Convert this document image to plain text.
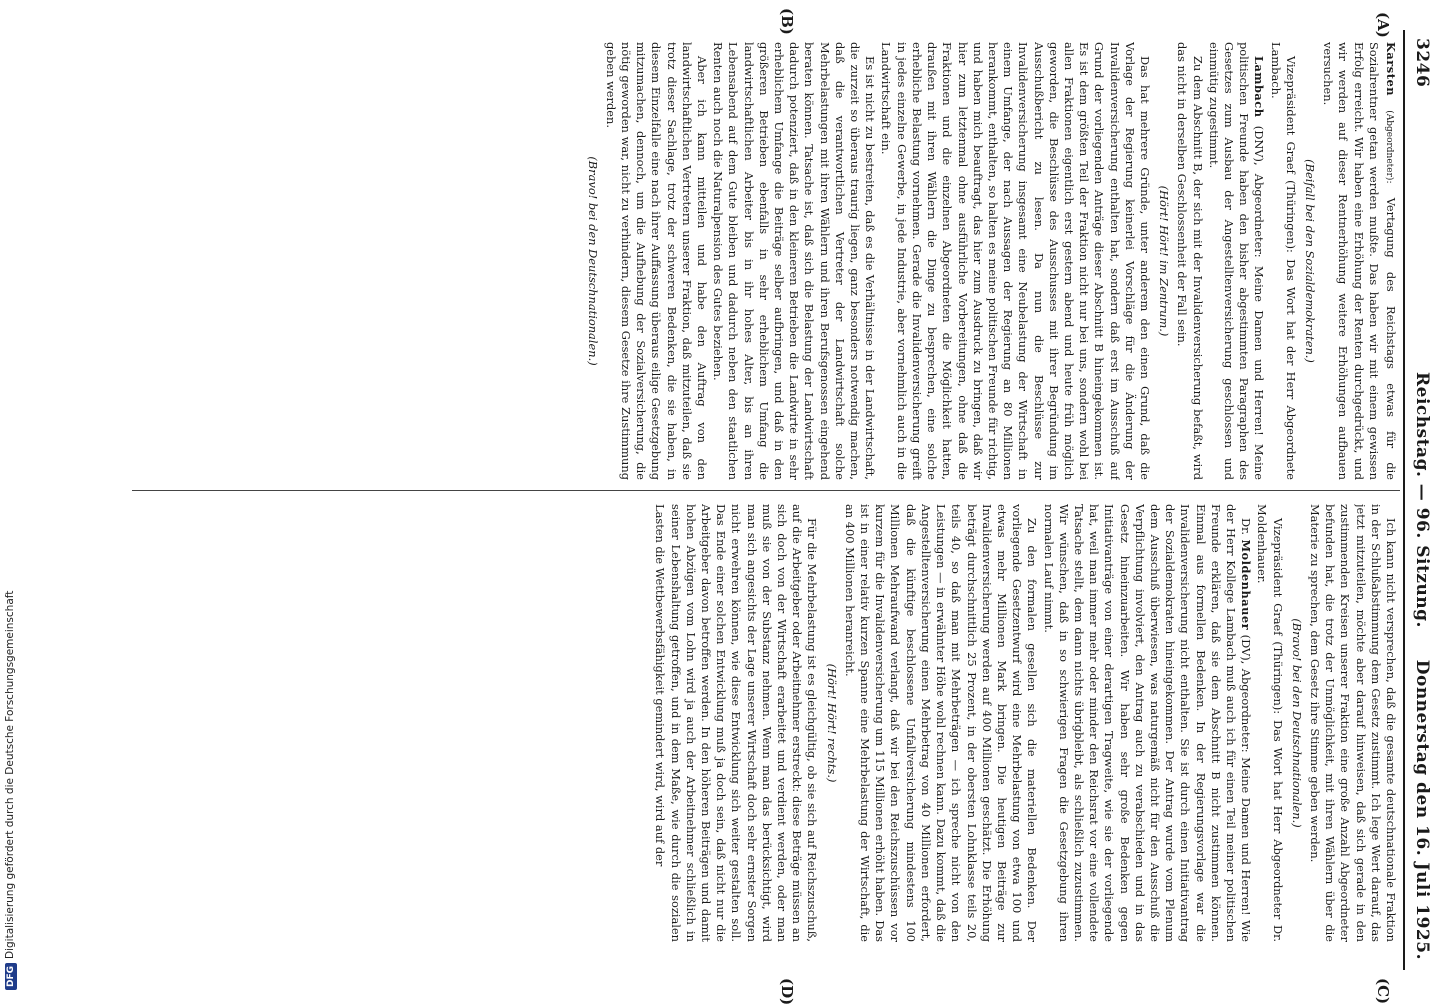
3246
Reichstag. — 96. Sitzung.
Donnerstag den 16. Juli 1925.
(A)
(B)
(C)
(D)

Karsten (Abgeordneter): Vertagung des Reichstags etwas für die Sozialrentner getan werden mußte. Das haben wir mit einem gewissen Erfolg erreicht. Wir haben eine Erhöhung der Renten durchgedrückt, und wir werden auf dieser Rentnerhöhung weitere Erhöhungen aufbauen versuchen.

(Beifall bei den Sozialdemokraten.)

Vizepräsident Graef (Thüringen): Das Wort hat der Herr Abgeordnete Lambach.

Lambach (DNV), Abgeordneter: Meine Damen und Herren! Meine politischen Freunde haben den bisher abgestimmten Paragraphen des Gesetzes zum Ausbau der Angestelltenversicherung geschlossen und einmütig zugestimmt.

Zu dem Abschnitt B, der sich mit der Invalidenversicherung befaßt, wird das nicht in derselben Geschlossenheit der Fall sein.

(Hört! Hört! im Zentrum.)

Das hat mehrere Gründe, unter anderem den einen Grund, daß die Vorlage der Regierung keinerlei Vorschläge für die Änderung der Invalidenversicherung enthalten hat, sondern daß erst im Ausschuß auf Grund der vorliegenden Anträge dieser Abschnitt B hineingekommen ist. Es ist dem größten Teil der Fraktion nicht nur bei uns, sondern wohl bei allen Fraktionen eigentlich erst gestern abend und heute früh möglich geworden, die Beschlüsse des Ausschusses mit ihrer Begründung im Ausschußbericht zu lesen. Da nun die Beschlüsse zur Invalidenversicherung insgesamt eine Neubelastung der Wirtschaft in einem Umfange, der nach Aussagen der Regierung an 80 Millionen herankommt, enthalten, so halten es meine politischen Freunde für richtig, und haben mich beauftragt, das hier zum Ausdruck zu bringen, daß wir hier zum letztenmal ohne ausführliche Vorbereitungen, ohne daß die Fraktionen und die einzelnen Abgeordneten die Möglichkeit hatten, draußen mit ihren Wählern die Dinge zu besprechen, eine solche erhebliche Belastung vornehmen. Gerade die Invalidenversicherung greift in jedes einzelne Gewerbe, in jede Industrie, aber vornehmlich auch in die Landwirtschaft ein.

Es ist nicht zu bestreiten, daß es die Verhältnisse in der Landwirtschaft, die zurzeit so überaus traurig liegen, ganz besonders notwendig machen, daß die verantwortlichen Vertreter der Landwirtschaft solche Mehrbelastungen mit ihren Wählern und ihren Berufsgenossen eingehend beraten können. Tatsache ist, daß sich die Belastung der Landwirtschaft dadurch potenziert, daß in den kleineren Betrieben die Landwirte in sehr erheblichem Umfange die Beiträge selber aufbringen, und daß in den größeren Betrieben ebenfalls in sehr erheblichem Umfang die landwirtschaftlichen Arbeiter bis in ihr hohes Alter, bis an ihren Lebensabend auf dem Gute bleiben und dadurch neben den staatlichen Renten auch noch die Naturalpension des Gutes beziehen.

Aber ich kann mitteilen und habe den Auftrag von den landwirtschaftlichen Vertretern unserer Fraktion, daß mitzuteilen, daß sie trotz dieser Sachlage, trotz der schweren Bedenken, die sie haben, in diesem Einzelfalle eine nach ihrer Auffassung überaus eilige Gesetzgebung mitzumachen, dennoch, um die Aufhebung der Sozialversicherung, die nötig geworden war, nicht zu verhindern, diesem Gesetze ihre Zustimmung geben werden.

(Bravo! bei den Deutschnationalen.)

Ich kann nicht versprechen, daß die gesamte deutschnationale Fraktion in der Schlußabstimmung dem Gesetz zustimmt. Ich lege Wert darauf, das jetzt mitzuteilen, möchte aber darauf hinweisen, daß sich gerade in den zustimmenden Kreisen unserer Fraktion eine große Anzahl Abgeordneter befunden hat, die trotz der Unmöglichkeit, mit ihren Wählern über die Materie zu sprechen, dem Gesetz ihre Stimme geben werden.

(Bravo! bei den Deutschnationalen.)

Vizepräsident Graef (Thüringen): Das Wort hat Herr Abgeordneter Dr. Moldenhauer.

Dr. Moldenhauer (DV), Abgeordneter: Meine Damen und Herren! Wie der Herr Kollege Lambach muß auch ich für einen Teil meiner politischen Freunde erklären, daß sie dem Abschnitt B nicht zustimmen können. Einmal aus formellen Bedenken. In der Regierungsvorlage war die Invalidenversicherung nicht enthalten. Sie ist durch einen Initiativantrag der Sozialdemokraten hineingekommen. Der Antrag wurde vom Plenum dem Ausschuß überwiesen, was naturgemäß nicht für den Ausschuß die Verpflichtung involviert, den Antrag auch zu verabschieden und in das Gesetz hineinzuarbeiten. Wir haben sehr große Bedenken gegen Initiativanträge von einer derartigen Tragweite, wie sie der vorliegende hat, weil man immer mehr oder minder den Reichsrat vor eine vollendete Tatsache stellt, dem dann nichts übrigbleibt, als schließlich zuzustimmen. Wir wünschen, daß in so schwierigen Fragen die Gesetzgebung ihren normalen Lauf nimmt.

Zu den formalen gesellen sich die materiellen Bedenken. Der vorliegende Gesetzentwurf wird eine Mehrbelastung von etwa 100 und etwas mehr Millionen Mark bringen. Die heutigen Beiträge zur Invalidenversicherung werden auf 400 Millionen geschätzt. Die Erhöhung beträgt durchschnittlich 25 Prozent, in der obersten Lohnklasse teils 20, teils 40, so daß man mit Mehrbeträgen — ich spreche nicht von den Leistungen — in erwähnter Höhe wohl rechnen kann. Dazu kommt, daß die Angestelltenversicherung einen Mehrbetrag von 40 Millionen erfordert, daß die künftige beschlossene Unfallversicherung mindestens 100 Millionen Mehraufwand verlangt, daß wir bei den Reichszuschüssen vor kurzem für die Invalidenversicherung um 115 Millionen erhöht haben. Das ist in einer relativ kurzen Spanne eine Mehrbelastung der Wirtschaft, die an 400 Millionen heranreicht.

(Hört! Hört! rechts.)

Für die Mehrbelastung ist es gleichgültig, ob sie sich auf Reichszuschuß, auf die Arbeitgeber oder Arbeitnehmer erstreckt: diese Beträge müssen an sich doch von der Wirtschaft erarbeitet und verdient werden, oder man muß sie von der Substanz nehmen. Wenn man das berücksichtigt, wird man sich angesichts der Lage unserer Wirtschaft doch sehr ernster Sorgen nicht erwehren können, wie diese Entwicklung sich weiter gestalten soll. Das Ende einer solchen Entwicklung muß ja doch sein, daß nicht nur die Arbeitgeber davon betroffen werden. In den höheren Beiträgen und damit hohen Abzügen vom Lohn wird ja auch der Arbeitnehmer schließlich in seiner Lebenshaltung getroffen, und in dem Maße, wie durch die sozialen Lasten die Wettbewerbsfähigkeit gemindert wird, wird auf der

DFGDigitalisierung gefördert durch die Deutsche Forschungsgemeinschaft
